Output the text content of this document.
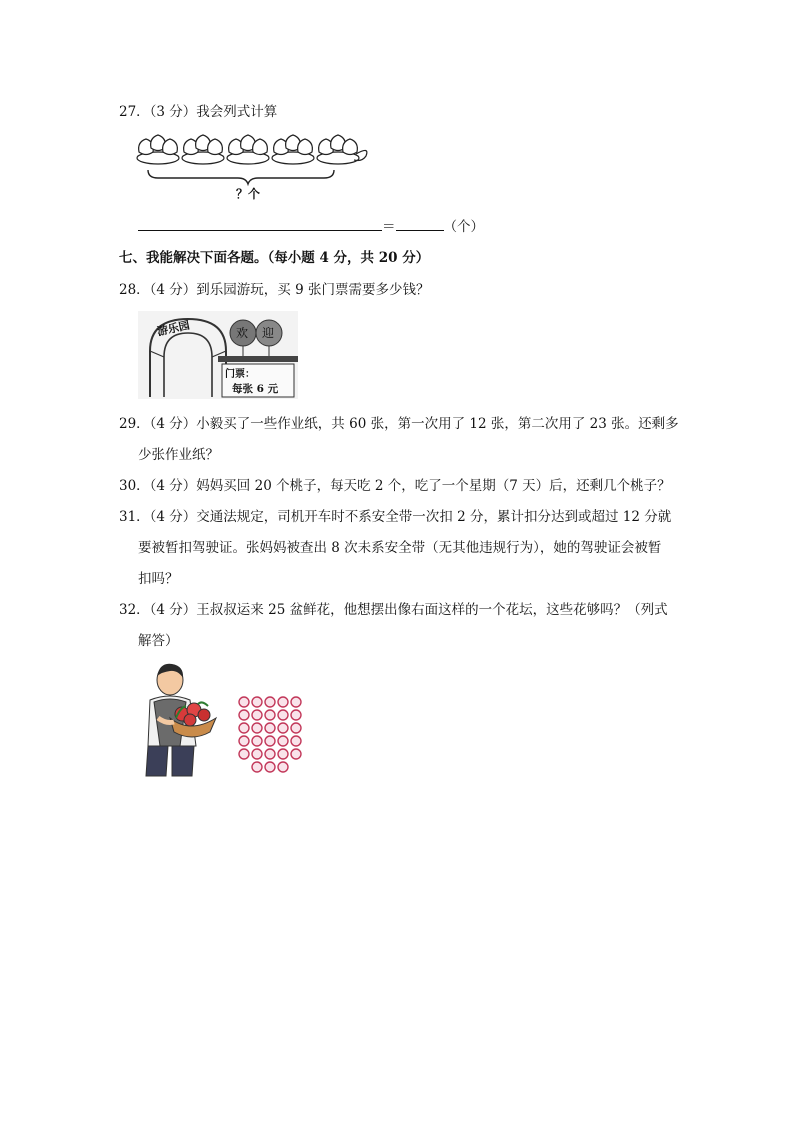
27．（3 分）我会列式计算
？个
＝	（个）
七、我能解决下面各题。（每小题 4 分，共 20 分）
28．（4 分）到乐园游玩，买 9 张门票需要多少钱？
游乐园	欢 迎
门票：
每张 6 元
29．（4 分）小毅买了一些作业纸，共 60 张，第一次用了 12 张，第二次用了 23 张。还剩多
少张作业纸？
30．（4 分）妈妈买回 20 个桃子，每天吃 2 个，吃了一个星期（7 天）后，还剩几个桃子？
31．（4 分）交通法规定，司机开车时不系安全带一次扣 2 分，累计扣分达到或超过 12 分就
要被暂扣驾驶证。张妈妈被查出 8 次未系安全带（无其他违规行为），她的驾驶证会被暂
扣吗？
32．（4 分）王叔叔运来 25 盆鲜花，他想摆出像右面这样的一个花坛，这些花够吗？（列式
解答）
